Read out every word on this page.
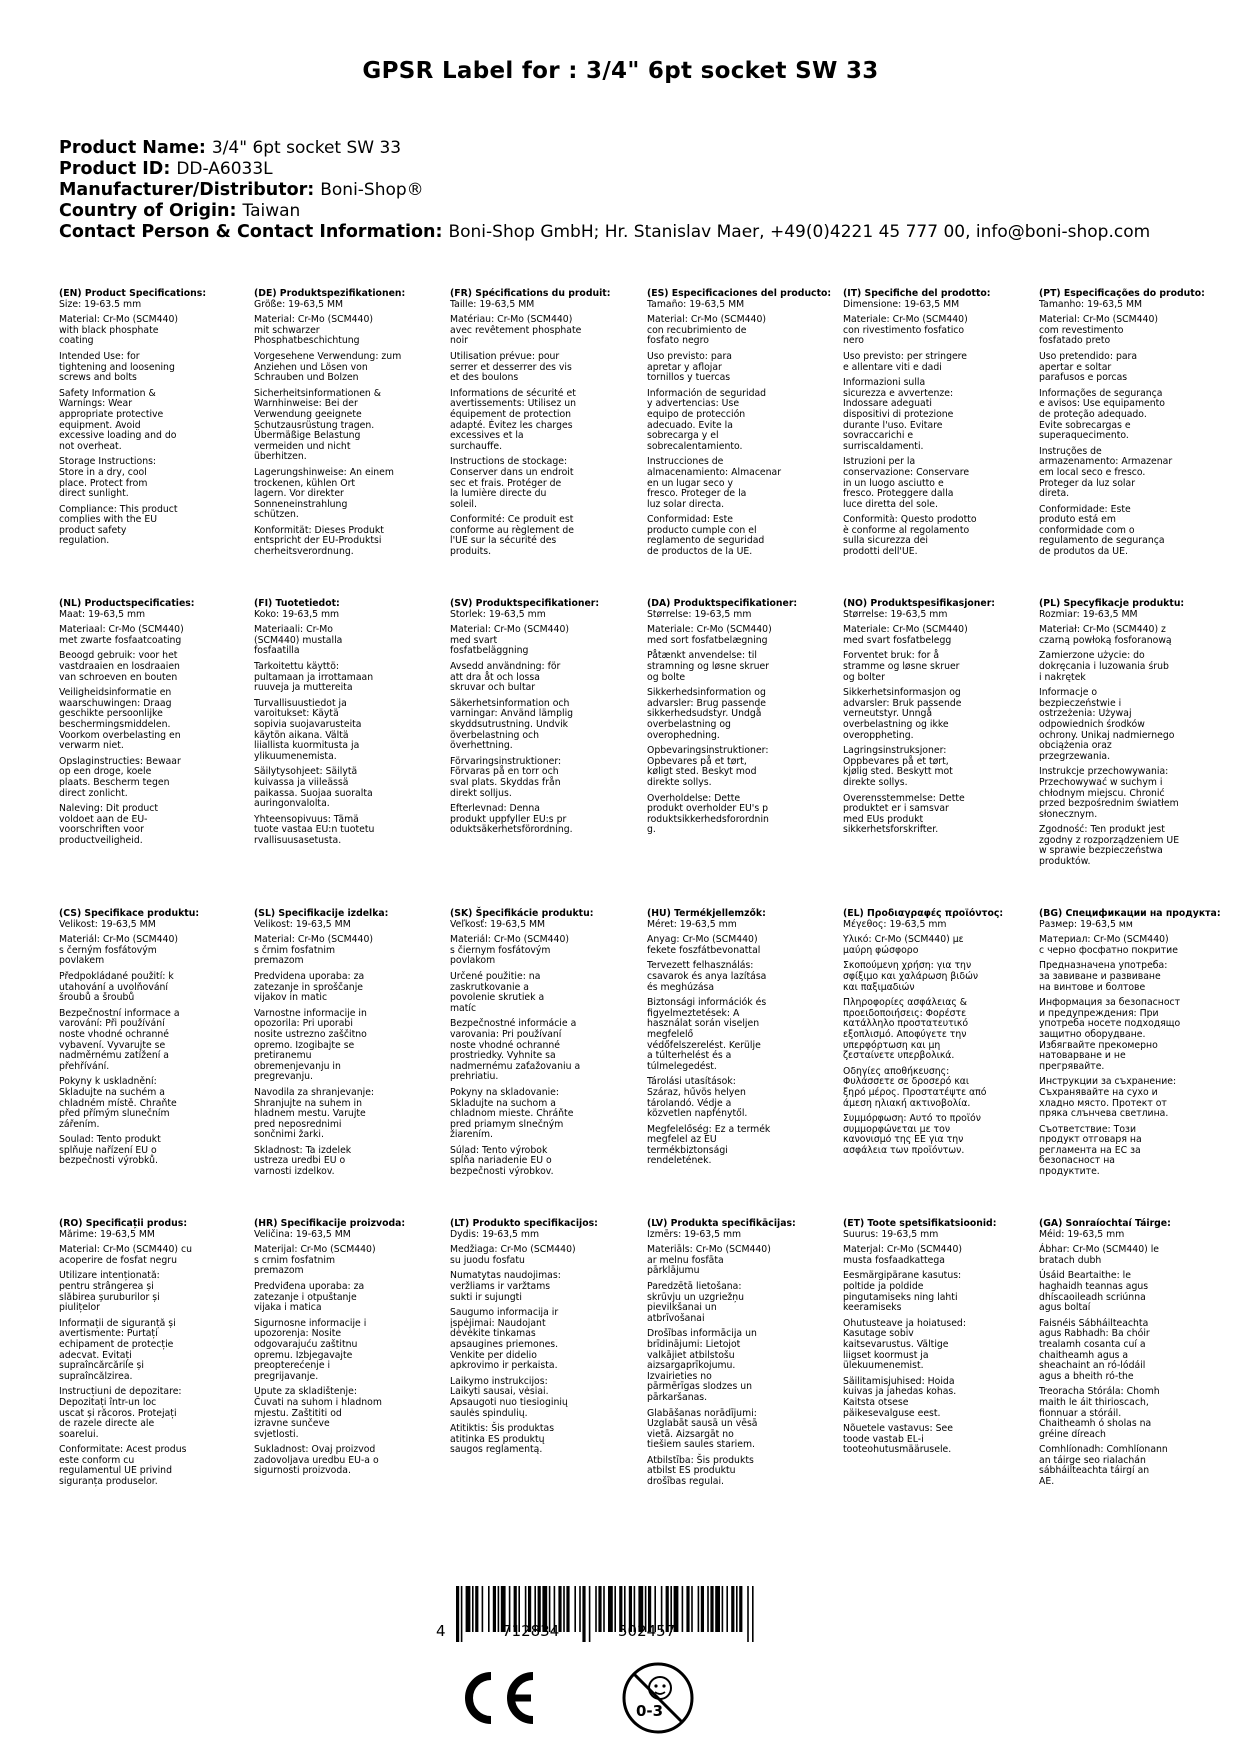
GPSR Label for : 3/4" 6pt socket SW 33
Product Name: 3/4" 6pt socket SW 33
Product ID: DD-A6033L
Manufacturer/Distributor: Boni-Shop®
Country of Origin: Taiwan
Contact Person & Contact Information: Boni-Shop GmbH; Hr. Stanislav Maer, +49(0)4221 45 777 00, info@boni-shop.com
(EN) Product Specifications:
Size: 19-63.5 mm
Material: Cr-Mo (SCM440)
with black phosphate
coating
Intended Use: for
tightening and loosening
screws and bolts
Safety Information &
Warnings: Wear
appropriate protective
equipment. Avoid
excessive loading and do
not overheat.
Storage Instructions:
Store in a dry, cool
place. Protect from
direct sunlight.
Compliance: This product
complies with the EU
product safety
regulation.
(DE) Produktspezifikationen:
Größe: 19-63,5 MM
Material: Cr-Mo (SCM440)
mit schwarzer
Phosphatbeschichtung
Vorgesehene Verwendung: zum
Anziehen und Lösen von
Schrauben und Bolzen
Sicherheitsinformationen &
Warnhinweise: Bei der
Verwendung geeignete
Schutzausrüstung tragen.
Übermäßige Belastung
vermeiden und nicht
überhitzen.
Lagerungshinweise: An einem
trockenen, kühlen Ort
lagern. Vor direkter
Sonneneinstrahlung
schützen.
Konformität: Dieses Produkt
entspricht der EU-Produktsi
cherheitsverordnung.
(FR) Spécifications du produit:
Taille: 19-63,5 MM
Matériau: Cr-Mo (SCM440)
avec revêtement phosphate
noir
Utilisation prévue: pour
serrer et desserrer des vis
et des boulons
Informations de sécurité et
avertissements: Utilisez un
équipement de protection
adapté. Évitez les charges
excessives et la
surchauffe.
Instructions de stockage:
Conserver dans un endroit
sec et frais. Protéger de
la lumière directe du
soleil.
Conformité: Ce produit est
conforme au règlement de
l'UE sur la sécurité des
produits.
(ES) Especificaciones del producto:
Tamaño: 19-63,5 MM
Material: Cr-Mo (SCM440)
con recubrimiento de
fosfato negro
Uso previsto: para
apretar y aflojar
tornillos y tuercas
Información de seguridad
y advertencias: Use
equipo de protección
adecuado. Evite la
sobrecarga y el
sobrecalentamiento.
Instrucciones de
almacenamiento: Almacenar
en un lugar seco y
fresco. Proteger de la
luz solar directa.
Conformidad: Este
producto cumple con el
reglamento de seguridad
de productos de la UE.
(IT) Specifiche del prodotto:
Dimensione: 19-63,5 MM
Materiale: Cr-Mo (SCM440)
con rivestimento fosfatico
nero
Uso previsto: per stringere
e allentare viti e dadi
Informazioni sulla
sicurezza e avvertenze:
Indossare adeguati
dispositivi di protezione
durante l'uso. Evitare
sovraccarichi e
surriscaldamenti.
Istruzioni per la
conservazione: Conservare
in un luogo asciutto e
fresco. Proteggere dalla
luce diretta del sole.
Conformità: Questo prodotto
è conforme al regolamento
sulla sicurezza dei
prodotti dell'UE.
(PT) Especificações do produto:
Tamanho: 19-63,5 MM
Material: Cr-Mo (SCM440)
com revestimento
fosfatado preto
Uso pretendido: para
apertar e soltar
parafusos e porcas
Informações de segurança
e avisos: Use equipamento
de proteção adequado.
Evite sobrecargas e
superaquecimento.
Instruções de
armazenamento: Armazenar
em local seco e fresco.
Proteger da luz solar
direta.
Conformidade: Este
produto está em
conformidade com o
regulamento de segurança
de produtos da UE.
(NL) Productspecificaties:
Maat: 19-63,5 mm
Materiaal: Cr-Mo (SCM440)
met zwarte fosfaatcoating
Beoogd gebruik: voor het
vastdraaien en losdraaien
van schroeven en bouten
Veiligheidsinformatie en
waarschuwingen: Draag
geschikte persoonlijke
beschermingsmiddelen.
Voorkom overbelasting en
verwarm niet.
Opslaginstructies: Bewaar
op een droge, koele
plaats. Bescherm tegen
direct zonlicht.
Naleving: Dit product
voldoet aan de EU-
voorschriften voor
productveiligheid.
(FI) Tuotetiedot:
Koko: 19-63,5 mm
Materiaali: Cr-Mo
(SCM440) mustalla
fosfaatilla
Tarkoitettu käyttö:
pultamaan ja irrottamaan
ruuveja ja muttereita
Turvallisuustiedot ja
varoitukset: Käytä
sopivia suojavarusteita
käytön aikana. Vältä
liiallista kuormitusta ja
ylikuumenemista.
Säilytysohjeet: Säilytä
kuivassa ja viileässä
paikassa. Suojaa suoralta
auringonvalolta.
Yhteensopivuus: Tämä
tuote vastaa EU:n tuotetu
rvallisuusasetusta.
(SV) Produktspecifikationer:
Storlek: 19-63,5 mm
Material: Cr-Mo (SCM440)
med svart
fosfatbeläggning
Avsedd användning: för
att dra åt och lossa
skruvar och bultar
Säkerhetsinformation och
varningar: Använd lämplig
skyddsutrustning. Undvik
överbelastning och
överhettning.
Förvaringsinstruktioner:
Förvaras på en torr och
sval plats. Skyddas från
direkt solljus.
Efterlevnad: Denna
produkt uppfyller EU:s pr
oduktsäkerhetsförordning.
(DA) Produktspecifikationer:
Størrelse: 19-63,5 mm
Materiale: Cr-Mo (SCM440)
med sort fosfatbelægning
Påtænkt anvendelse: til
stramning og løsne skruer
og bolte
Sikkerhedsinformation og
advarsler: Brug passende
sikkerhedsudstyr. Undgå
overbelastning og
overophedning.
Opbevaringsinstruktioner:
Opbevares på et tørt,
køligt sted. Beskyt mod
direkte sollys.
Overholdelse: Dette
produkt overholder EU's p
roduktsikkerhedsforordnin
g.
(NO) Produktspesifikasjoner:
Størrelse: 19-63,5 mm
Materiale: Cr-Mo (SCM440)
med svart fosfatbelegg
Forventet bruk: for å
stramme og løsne skruer
og bolter
Sikkerhetsinformasjon og
advarsler: Bruk passende
verneutstyr. Unngå
overbelastning og ikke
overoppheting.
Lagringsinstruksjoner:
Oppbevares på et tørt,
kjølig sted. Beskytt mot
direkte sollys.
Overensstemmelse: Dette
produktet er i samsvar
med EUs produkt
sikkerhetsforskrifter.
(PL) Specyfikacje produktu:
Rozmiar: 19-63,5 MM
Materiał: Cr-Mo (SCM440) z
czarną powłoką fosforanową
Zamierzone użycie: do
dokręcania i luzowania śrub
i nakrętek
Informacje o
bezpieczeństwie i
ostrzeżenia: Używaj
odpowiednich środków
ochrony. Unikaj nadmiernego
obciążenia oraz
przegrzewania.
Instrukcje przechowywania:
Przechowywać w suchym i
chłodnym miejscu. Chronić
przed bezpośrednim światłem
słonecznym.
Zgodność: Ten produkt jest
zgodny z rozporządzeniem UE
w sprawie bezpieczeństwa
produktów.
(CS) Specifikace produktu:
Velikost: 19-63,5 MM
Materiál: Cr-Mo (SCM440)
s černým fosfátovým
povlakem
Předpokládané použití: k
utahování a uvolňování
šroubů a šroubů
Bezpečnostní informace a
varování: Při používání
noste vhodné ochranné
vybavení. Vyvarujte se
nadměrnému zatížení a
přehřívání.
Pokyny k uskladnění:
Skladujte na suchém a
chladném místě. Chraňte
před přímým slunečním
zářením.
Soulad: Tento produkt
splňuje nařízení EU o
bezpečnosti výrobků.
(SL) Specifikacije izdelka:
Velikost: 19-63,5 MM
Material: Cr-Mo (SCM440)
s črnim fosfatnim
premazom
Predvidena uporaba: za
zatezanje in sproščanje
vijakov in matic
Varnostne informacije in
opozorila: Pri uporabi
nosite ustrezno zaščitno
opremo. Izogibajte se
pretiranemu
obremenjevanju in
pregrevanju.
Navodila za shranjevanje:
Shranjujte na suhem in
hladnem mestu. Varujte
pred neposrednimi
sončnimi žarki.
Skladnost: Ta izdelek
ustreza uredbi EU o
varnosti izdelkov.
(SK) Špecifikácie produktu:
Veľkosť: 19-63,5 MM
Materiál: Cr-Mo (SCM440)
s čiernym fosfátovým
povlakom
Určené použitie: na
zaskrutkovanie a
povolenie skrutiek a
matíc
Bezpečnostné informácie a
varovania: Pri používaní
noste vhodné ochranné
prostriedky. Vyhnite sa
nadmernému zaťažovaniu a
prehriatiu.
Pokyny na skladovanie:
Skladujte na suchom a
chladnom mieste. Chráňte
pred priamym slnečným
žiarením.
Súlad: Tento výrobok
spĺňa nariadenie EU o
bezpečnosti výrobkov.
(HU) Termékjellemzők:
Méret: 19-63,5 mm
Anyag: Cr-Mo (SCM440)
fekete foszfátbevonattal
Tervezett felhasználás:
csavarok és anya lazítása
és meghúzása
Biztonsági információk és
figyelmeztetések: A
használat során viseljen
megfelelő
védőfelszerelést. Kerülje
a túlterhelést és a
túlmelegedést.
Tárolási utasítások:
Száraz, hűvös helyen
tárolandó. Védje a
közvetlen napfénytől.
Megfelelőség: Ez a termék
megfelel az EU
termékbiztonsági
rendeletének.
(EL) Προδιαγραφές προϊόντος:
Μέγεθος: 19-63,5 mm
Υλικό: Cr-Mo (SCM440) με
μαύρη φώσφορο
Σκοπούμενη χρήση: για την
σφίξιμο και χαλάρωση βιδών
και παξιμαδιών
Πληροφορίες ασφάλειας &
προειδοποιήσεις: Φορέστε
κατάλληλο προστατευτικό
εξοπλισμό. Αποφύγετε την
υπερφόρτωση και μη
ζεσταίνετε υπερβολικά.
Οδηγίες αποθήκευσης:
Φυλάσσετε σε δροσερό και
ξηρό μέρος. Προστατέψτε από
άμεση ηλιακή ακτινοβολία.
Συμμόρφωση: Αυτό το προϊόν
συμμορφώνεται με τον
κανονισμό της ΕΕ για την
ασφάλεια των προϊόντων.
(BG) Спецификации на продукта:
Размер: 19-63,5 мм
Материал: Cr-Mo (SCM440)
с черно фосфатно покритие
Предназначена употреба:
за завиване и развиване
на винтове и болтове
Информация за безопасност
и предупреждения: При
употреба носете подходящо
защитно оборудване.
Избягвайте прекомерно
натоварване и не
прегрявайте.
Инструкции за съхранение:
Съхранявайте на сухо и
хладно място. Протект от
пряка слънчева светлина.
Съответствие: Този
продукт отговаря на
регламента на ЕС за
безопасност на
продуктите.
(RO) Specificații produs:
Mărime: 19-63,5 MM
Material: Cr-Mo (SCM440) cu
acoperire de fosfat negru
Utilizare intenționată:
pentru strângerea și
slăbirea șuruburilor și
piulițelor
Informații de siguranță și
avertismente: Purtați
echipament de protecție
adecvat. Evitați
supraîncărcările și
supraîncălzirea.
Instrucțiuni de depozitare:
Depozitați într-un loc
uscat și răcoros. Protejați
de razele directe ale
soarelui.
Conformitate: Acest produs
este conform cu
regulamentul UE privind
siguranța produselor.
(HR) Specifikacije proizvoda:
Veličina: 19-63,5 MM
Materijal: Cr-Mo (SCM440)
s crnim fosfatnim
premazom
Predviđena uporaba: za
zatezanje i otpuštanje
vijaka i matica
Sigurnosne informacije i
upozorenja: Nosite
odgovarajuću zaštitnu
opremu. Izbjegavajte
preopterećenje i
pregrijavanje.
Upute za skladištenje:
Čuvati na suhom i hladnom
mjestu. Zaštititi od
izravne sunčeve
svjetlosti.
Sukladnost: Ovaj proizvod
zadovoljava uredbu EU-a o
sigurnosti proizvoda.
(LT) Produkto specifikacijos:
Dydis: 19-63,5 mm
Medžiaga: Cr-Mo (SCM440)
su juodu fosfatu
Numatytas naudojimas:
veržliams ir varžtams
sukti ir sujungti
Saugumo informacija ir
įspėjimai: Naudojant
dėvėkite tinkamas
apsaugines priemones.
Venkite per didelio
apkrovimo ir perkaista.
Laikymo instrukcijos:
Laikyti sausai, vėsiai.
Apsaugoti nuo tiesioginių
saulės spindulių.
Atitiktis: Šis produktas
atitinka ES produktų
saugos reglamentą.
(LV) Produkta specifikācijas:
Izmērs: 19-63,5 mm
Materiāls: Cr-Mo (SCM440)
ar melnu fosfāta
pārklājumu
Paredzētā lietošana:
skrūvju un uzgriežņu
pievilkšanai un
atbrīvošanai
Drošības informācija un
brīdinājumi: Lietojot
valkājiet atbilstošu
aizsargaprīkojumu.
Izvairieties no
pārmērīgas slodzes un
pārkaršanas.
Glabāšanas norādījumi:
Uzglabāt sausā un vēsā
vietā. Aizsargāt no
tiešiem saules stariem.
Atbilstība: Šis produkts
atbilst ES produktu
drošības regulai.
(ET) Toote spetsifikatsioonid:
Suurus: 19-63,5 mm
Materjal: Cr-Mo (SCM440)
musta fosfaadkattega
Eesmärgipärane kasutus:
poltide ja poldide
pingutamiseks ning lahti
keeramiseks
Ohutusteave ja hoiatused:
Kasutage sobiv
kaitsevarustus. Vältige
liigset koormust ja
ülekuumenemist.
Säilitamisjuhised: Hoida
kuivas ja jahedas kohas.
Kaitsta otsese
päikesevalguse eest.
Nõuetele vastavus: See
toode vastab EL-i
tooteohutusmäärusele.
(GA) Sonraíochtaí Táirge:
Méid: 19-63,5 mm
Ábhar: Cr-Mo (SCM440) le
bratach dubh
Úsáid Beartaithe: le
haghaidh teannas agus
dhíscaoileadh scriúnna
agus boltaí
Faisnéis Sábháilteachta
agus Rabhadh: Ba chóir
trealamh cosanta cuí a
chaitheamh agus a
sheachaint an ró-lódáil
agus a bheith ró-the
Treoracha Stórála: Chomh
maith le áit thirioscach,
fionnuar a stóráil.
Chaitheamh ó sholas na
gréine díreach
Comhlíonadh: Comhlíonann
an táirge seo rialachán
sábháilteachta táirgí an
AE.
4	712834	502457
0-3
